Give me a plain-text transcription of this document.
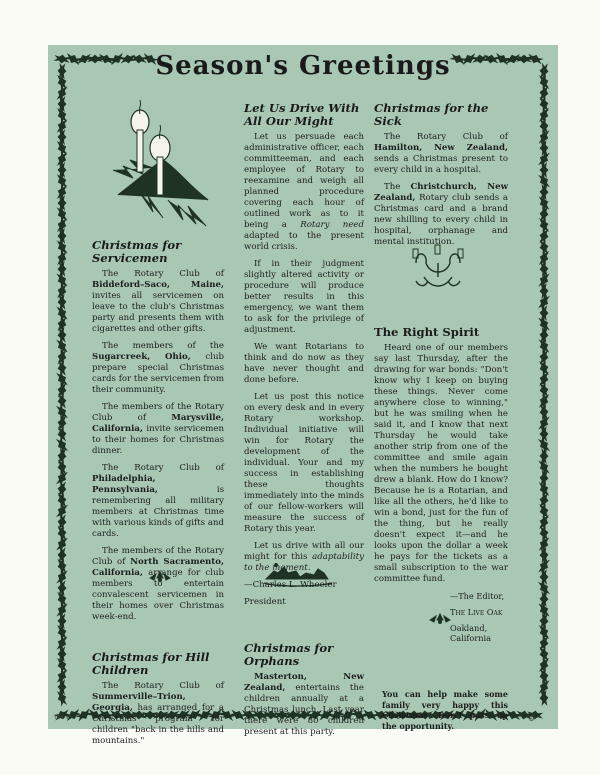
Season's Greetings
Christmas for Servicemen

The Rotary Club of Biddeford–Saco, Maine, invites all servicemen on leave to the club's Christmas party and presents them with cigarettes and other gifts.

The members of the Sugarcreek, Ohio, club prepare special Christmas cards for the servicemen from their community.

The members of the Rotary Club of Marysville, California, invite servicemen to their homes for Christmas dinner.

The Rotary Club of Philadelphia, Pennsylvania, is remembering all military members at Christmas time with various kinds of gifts and cards.

The members of the Rotary Club of North Sacramento, California, arrange for club members to entertain convalescent servicemen in their homes over Christmas week-end.

Christmas for Hill Children

The Rotary Club of Summerville–Trion, Georgia, has arranged for a Christmas program for children "back in the hills and mountains."

Let Us Drive With All Our Might

Let us persuade each administrative officer, each committeeman, and each employee of Rotary to reexamine and weigh all planned procedure covering each hour of outlined work as to it being a Rotary need adapted to the present world crisis.

If in their judgment slightly altered activity or procedure will produce better results in this emergency, we want them to ask for the privilege of adjustment.

We want Rotarians to think and do now as they have never thought and done before.

Let us post this notice on every desk and in every Rotary workshop. Individual initiative will win for Rotary the development of the individual. Your and my success in establishing these thoughts immediately into the minds of our fellow-workers will measure the success of Rotary this year.

Let us drive with all our might for this adaptability to the moment.

—Charles L. Wheeler

President

Christmas for Orphans

Masterton, New Zealand, entertains the children annually at a Christmas lunch. Last year there were 80 children present at this party.

Christmas for the Sick

The Rotary Club of Hamilton, New Zealand, sends a Christmas present to every child in a hospital.

The Christchurch, New Zealand, Rotary club sends a Christmas card and a brand new shilling to every child in hospital, orphanage and mental institution.

The Right Spirit

Heard one of our members say last Thursday, after the drawing for war bonds: "Don't know why I keep on buying these things. Never come anywhere close to winning," but he was smiling when he said it, and I know that next Thursday he would take another strip from one of the committee and smile again when the numbers he bought drew a blank. How do I know? Because he is a Rotarian, and like all the others, he'd like to win a bond, just for the fun of the thing, but he really doesn't expect it—and he looks upon the dollar a week he pays for the tickets as a small subscription to the war committee fund.

—The Editor,

The Live Oak

Oakland, California

You can help make some family very happy this Christmas. Don't pass up the opportunity.

138-45	⚙
